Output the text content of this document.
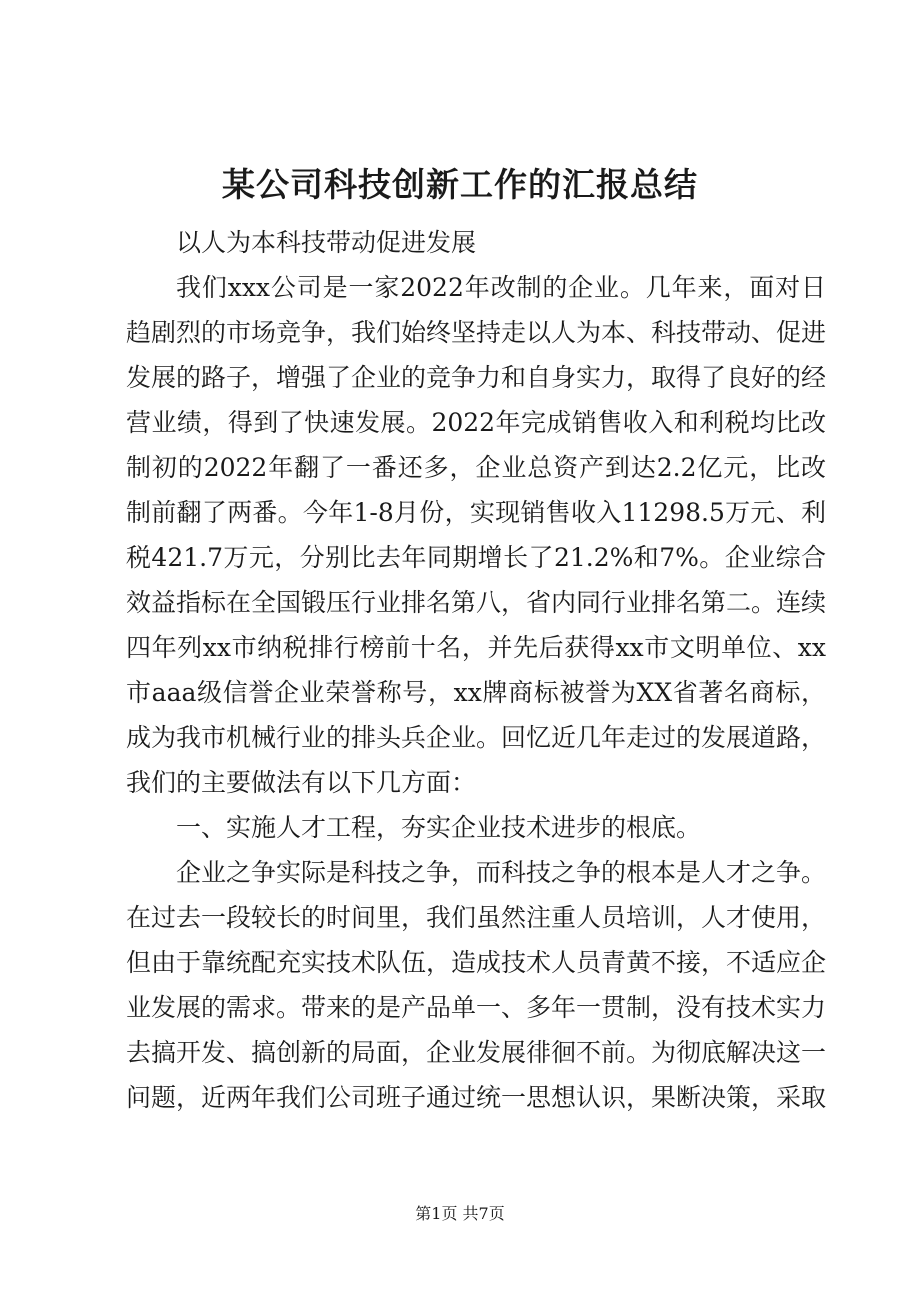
某公司科技创新工作的汇报总结

以人为本科技带动促进发展

我们xxx公司是一家2022年改制的企业。几年来，面对日趋剧烈的市场竞争，我们始终坚持走以人为本、科技带动、促进发展的路子，增强了企业的竞争力和自身实力，取得了良好的经营业绩，得到了快速发展。2022年完成销售收入和利税均比改制初的2022年翻了一番还多，企业总资产到达2.2亿元，比改制前翻了两番。今年1-8月份，实现销售收入11298.5万元、利税421.7万元，分别比去年同期增长了21.2%和7%。企业综合效益指标在全国锻压行业排名第八，省内同行业排名第二。连续四年列xx市纳税排行榜前十名，并先后获得xx市文明单位、xx市aaa级信誉企业荣誉称号，xx牌商标被誉为XX省著名商标，成为我市机械行业的排头兵企业。回忆近几年走过的发展道路，我们的主要做法有以下几方面：

一、实施人才工程，夯实企业技术进步的根底。

企业之争实际是科技之争，而科技之争的根本是人才之争。在过去一段较长的时间里，我们虽然注重人员培训，人才使用，但由于靠统配充实技术队伍，造成技术人员青黄不接，不适应企业发展的需求。带来的是产品单一、多年一贯制，没有技术实力去搞开发、搞创新的局面，企业发展徘徊不前。为彻底解决这一问题，近两年我们公司班子通过统一思想认识，果断决策，采取

第1页 共7页
